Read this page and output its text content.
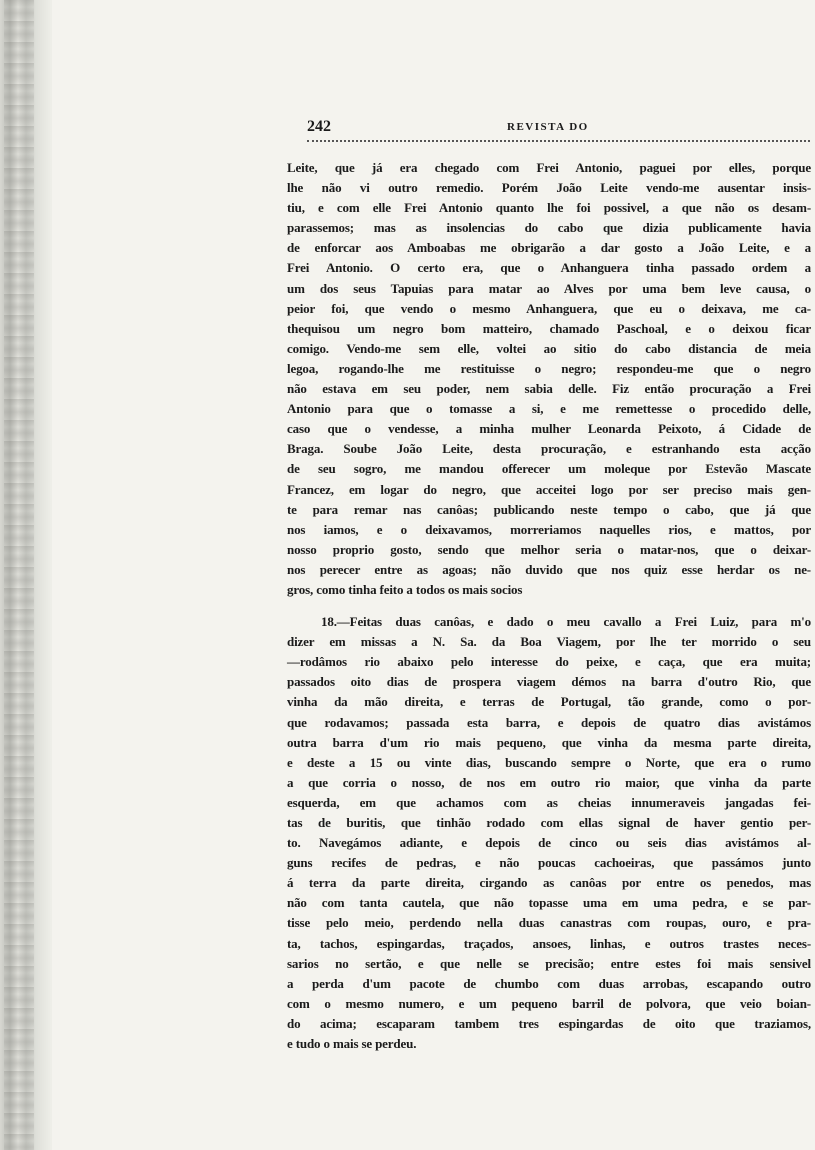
242	REVISTA DO
Leite, que já era chegado com Frei Antonio, paguei por elles, porque
lhe não vi outro remedio. Porém João Leite vendo-me ausentar insis-
tiu, e com elle Frei Antonio quanto lhe foi possivel, a que não os desam-
parassemos; mas as insolencias do cabo que dizia publicamente havia
de enforcar aos Amboabas me obrigarão a dar gosto a João Leite, e a
Frei Antonio. O certo era, que o Anhanguera tinha passado ordem a
um dos seus Tapuias para matar ao Alves por uma bem leve causa, o
peior foi, que vendo o mesmo Anhanguera, que eu o deixava, me ca-
thequisou um negro bom matteiro, chamado Paschoal, e o deixou ficar
comigo. Vendo-me sem elle, voltei ao sitio do cabo distancia de meia
legoa, rogando-lhe me restituisse o negro; respondeu-me que o negro
não estava em seu poder, nem sabia delle. Fiz então procuração a Frei
Antonio para que o tomasse a si, e me remettesse o procedido delle,
caso que o vendesse, a minha mulher Leonarda Peixoto, á Cidade de
Braga. Soube João Leite, desta procuração, e estranhando esta acção
de seu sogro, me mandou offerecer um moleque por Estevão Mascate
Francez, em logar do negro, que acceitei logo por ser preciso mais gen-
te para remar nas canôas; publicando neste tempo o cabo, que já que
nos iamos, e o deixavamos, morreriamos naquelles rios, e mattos, por
nosso proprio gosto, sendo que melhor seria o matar-nos, que o deixar-
nos perecer entre as agoas; não duvido que nos quiz esse herdar os ne-
gros, como tinha feito a todos os mais socios
18.—Feitas duas canôas, e dado o meu cavallo a Frei Luiz, para m'o
dizer em missas a N. Sa. da Boa Viagem, por lhe ter morrido o seu
—rodâmos rio abaixo pelo interesse do peixe, e caça, que era muita;
passados oito dias de prospera viagem démos na barra d'outro Rio, que
vinha da mão direita, e terras de Portugal, tão grande, como o por-
que rodavamos; passada esta barra, e depois de quatro dias avistámos
outra barra d'um rio mais pequeno, que vinha da mesma parte direita,
e deste a 15 ou vinte dias, buscando sempre o Norte, que era o rumo
a que corria o nosso, de nos em outro rio maior, que vinha da parte
esquerda, em que achamos com as cheias innumeraveis jangadas fei-
tas de buritis, que tinhão rodado com ellas signal de haver gentio per-
to. Navegámos adiante, e depois de cinco ou seis dias avistámos al-
guns recifes de pedras, e não poucas cachoeiras, que passámos junto
á terra da parte direita, cirgando as canôas por entre os penedos, mas
não com tanta cautela, que não topasse uma em uma pedra, e se par-
tisse pelo meio, perdendo nella duas canastras com roupas, ouro, e pra-
ta, tachos, espingardas, traçados, ansoes, linhas, e outros trastes neces-
sarios no sertão, e que nelle se precisão; entre estes foi mais sensivel
a perda d'um pacote de chumbo com duas arrobas, escapando outro
com o mesmo numero, e um pequeno barril de polvora, que veio boian-
do acima; escaparam tambem tres espingardas de oito que traziamos,
e tudo o mais se perdeu.
